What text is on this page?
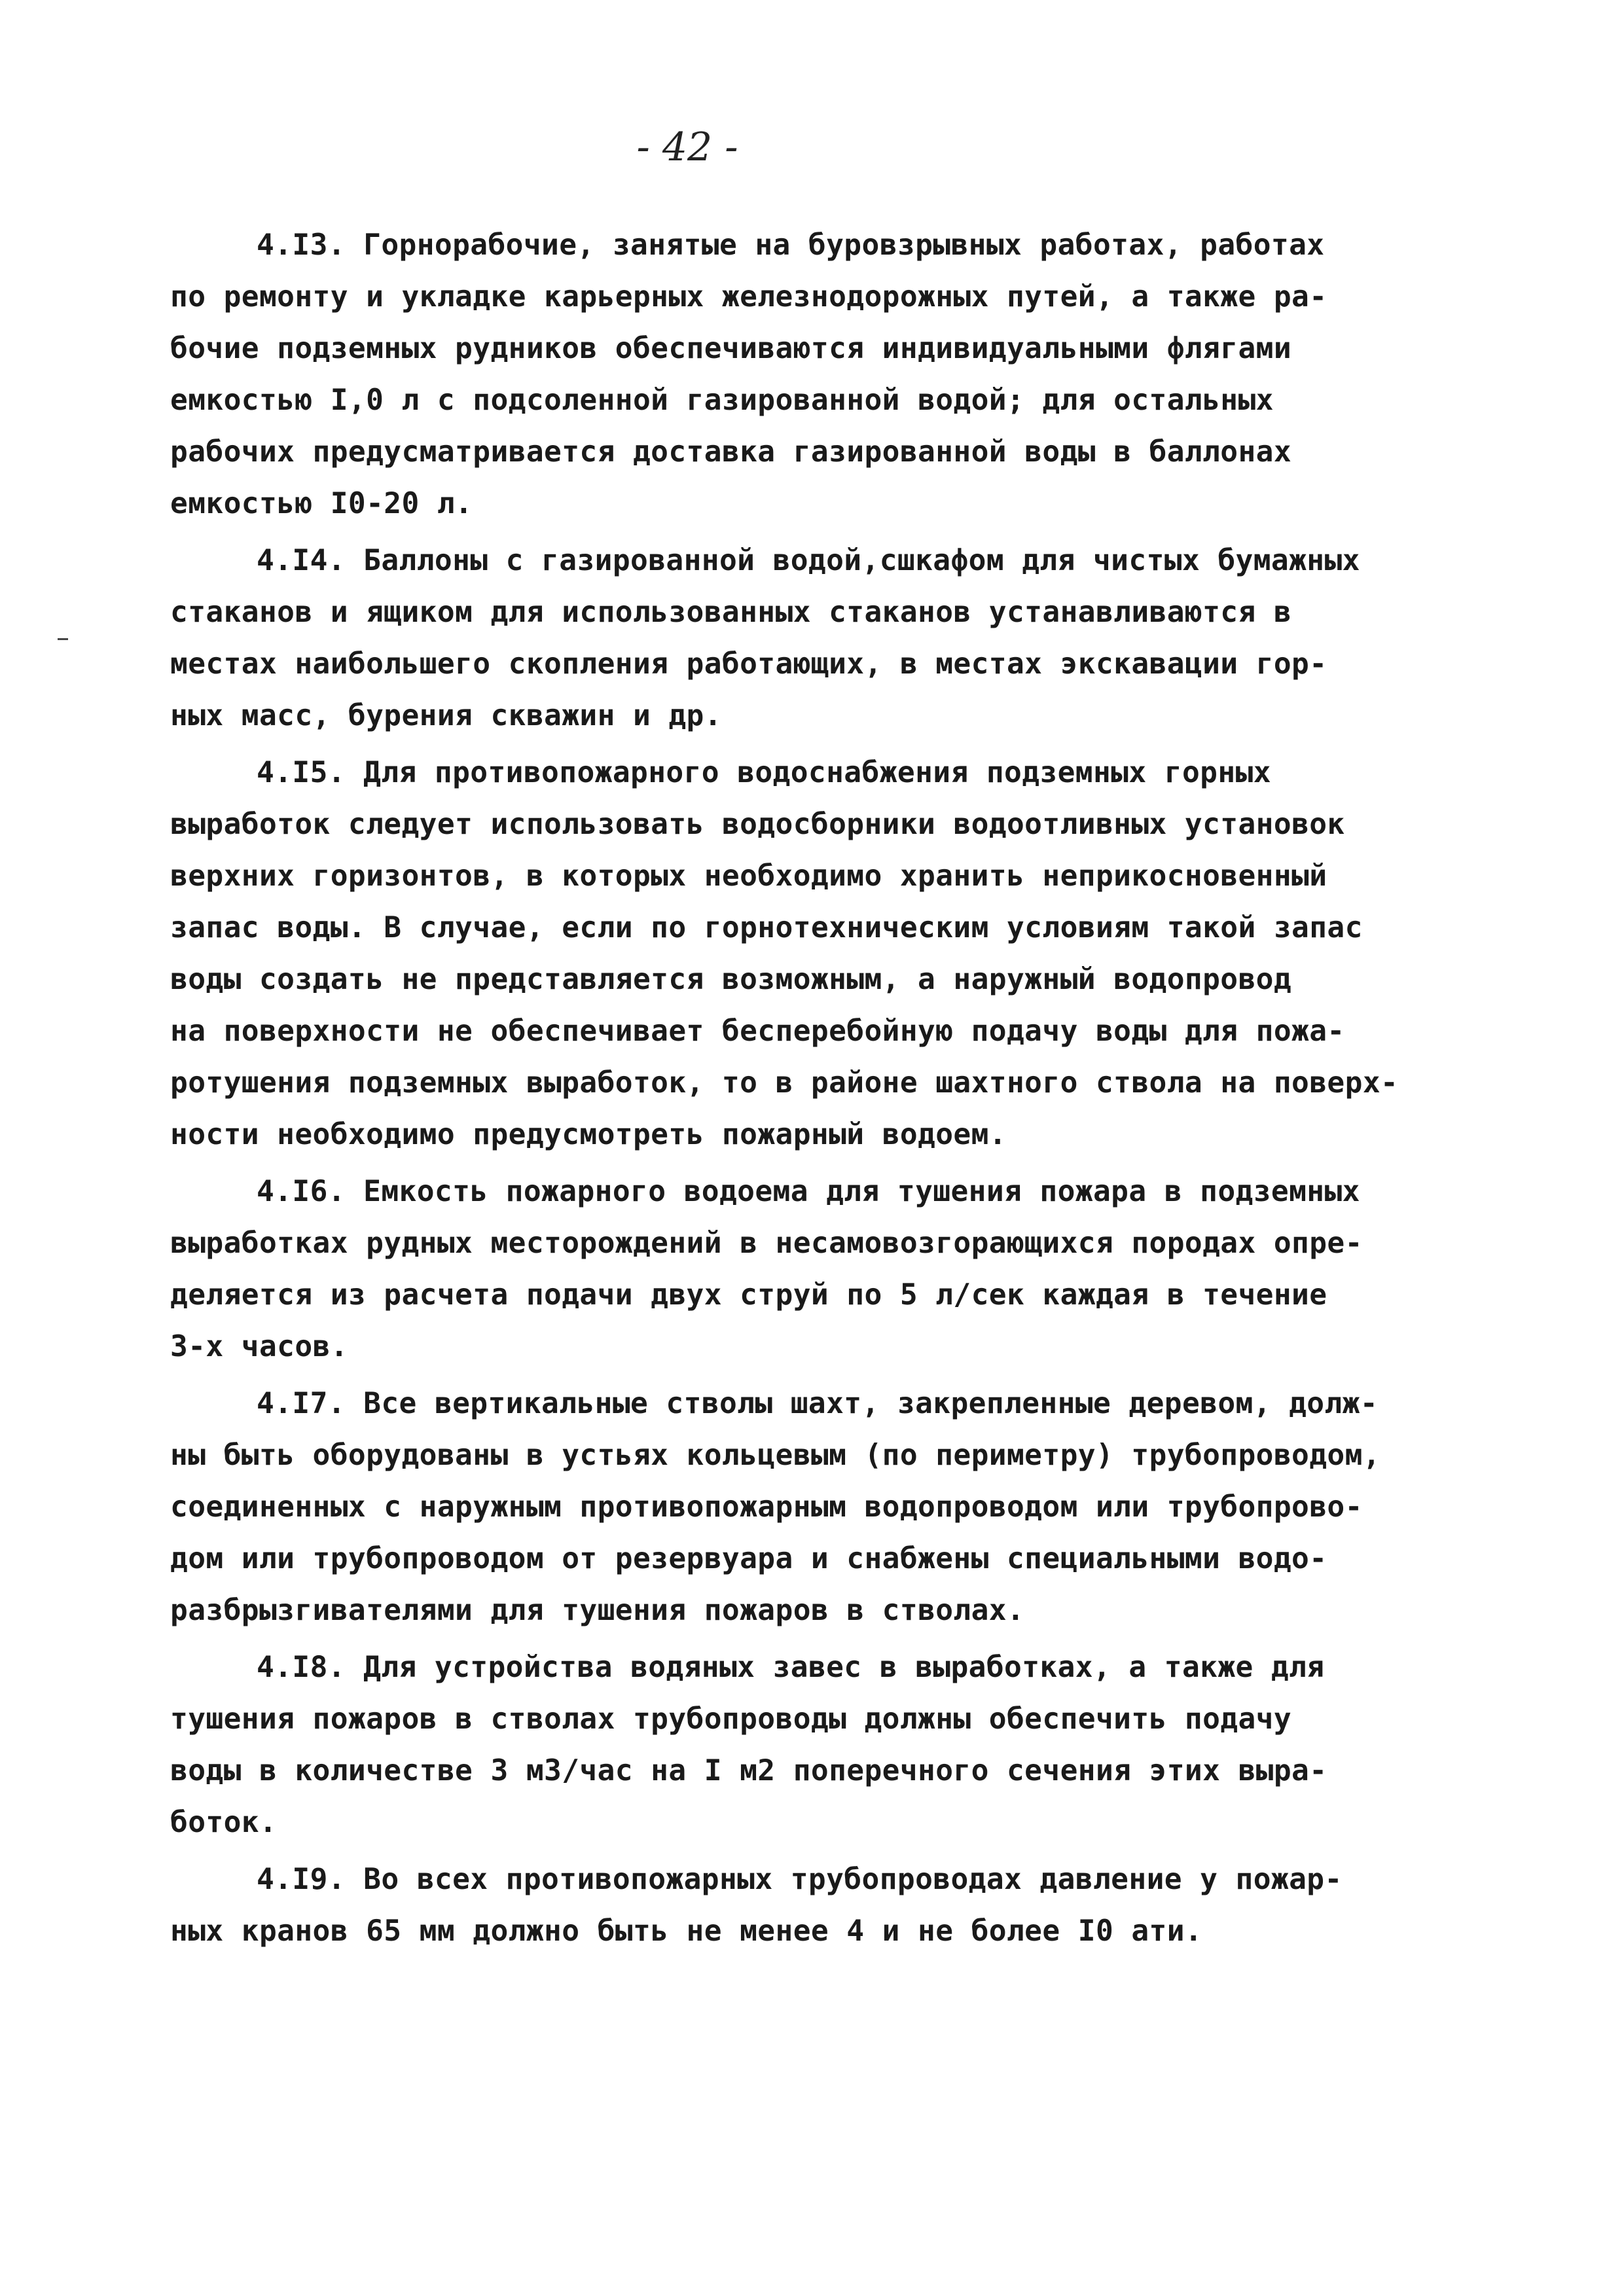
- 42 -
4.I3. Горнорабочие, занятые на буровзрывных работах, работах
по ремонту и укладке карьерных железнодорожных путей, а также ра-
бочие подземных рудников обеспечиваются индивидуальными флягами
емкостью I,0 л с подсоленной газированной водой; для остальных
рабочих предусматривается доставка газированной воды в баллонах
емкостью I0-20 л.
4.I4. Баллоны с газированной водой,сшкафом для чистых бумажных
стаканов и ящиком для использованных стаканов устанавливаются в
местах наибольшего скопления работающих, в местах экскавации гор-
ных масс, бурения скважин и др.
4.I5. Для противопожарного водоснабжения подземных горных
выработок следует использовать водосборники водоотливных установок
верхних горизонтов, в которых необходимо хранить неприкосновенный
запас воды. В случае, если по горнотехническим условиям такой запас
воды создать не представляется возможным, а наружный водопровод
на поверхности не обеспечивает бесперебойную подачу воды для пожа-
ротушения подземных выработок, то в районе шахтного ствола на поверх-
ности необходимо предусмотреть пожарный водоем.
4.I6. Емкость пожарного водоема для тушения пожара в подземных
выработках рудных месторождений в несамовозгорающихся породах опре-
деляется из расчета подачи двух струй по 5 л/сек каждая в течение
3-х часов.
4.I7. Все вертикальные стволы шахт, закрепленные деревом, долж-
ны быть оборудованы в устьях кольцевым (по периметру) трубопроводом,
соединенных с наружным противопожарным водопроводом или трубопрово-
дом или трубопроводом от резервуара и снабжены специальными водо-
разбрызгивателями для тушения пожаров в стволах.
4.I8. Для устройства водяных завес в выработках, а также для
тушения пожаров в стволах трубопроводы должны обеспечить подачу
воды в количестве 3 м3/час на I м2 поперечного сечения этих выра-
боток.
4.I9. Во всех противопожарных трубопроводах давление у пожар-
ных кранов 65 мм должно быть не менее 4 и не более I0 ати.
